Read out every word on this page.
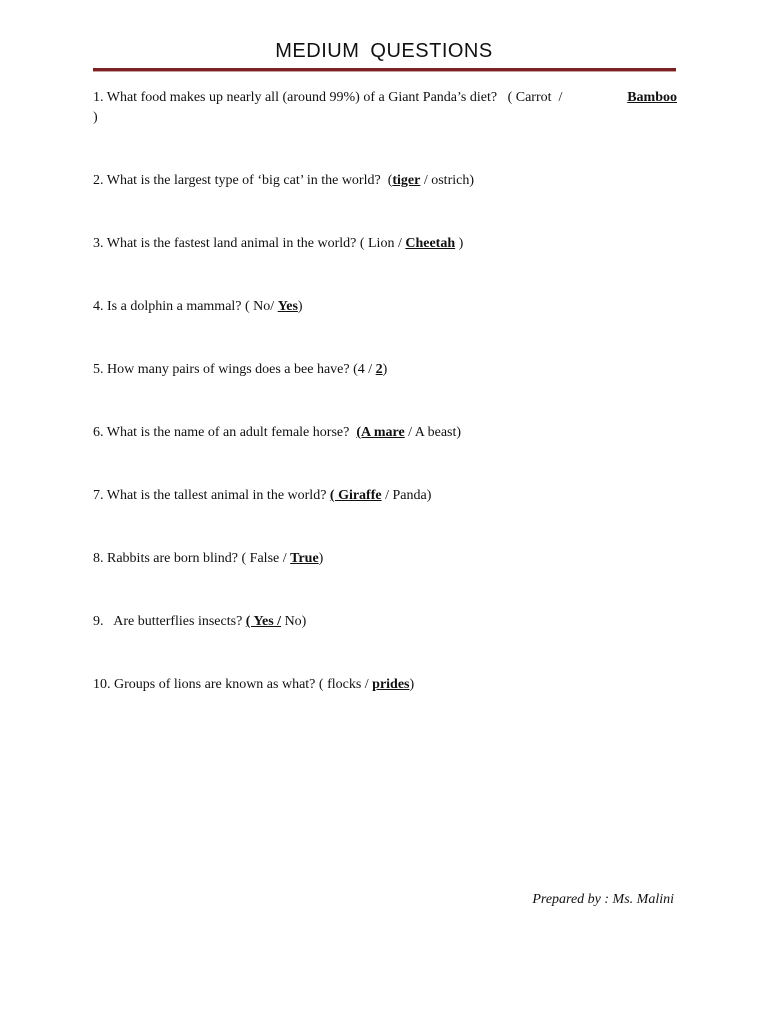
MEDIUM QUESTIONS
1. What food makes up nearly all (around 99%) of a Giant Panda’s diet?   ( Carrot  /	Bamboo
)
2. What is the largest type of ‘big cat’ in the world?  (tiger / ostrich)
3. What is the fastest land animal in the world? ( Lion / Cheetah )
4. Is a dolphin a mammal? ( No/ Yes)
5. How many pairs of wings does a bee have? (4 / 2)
6. What is the name of an adult female horse?  (A mare / A beast)
7. What is the tallest animal in the world? ( Giraffe / Panda)
8. Rabbits are born blind? ( False / True)
9.   Are butterflies insects? ( Yes / No)
10. Groups of lions are known as what? ( flocks / prides)
Prepared by : Ms. Malini
